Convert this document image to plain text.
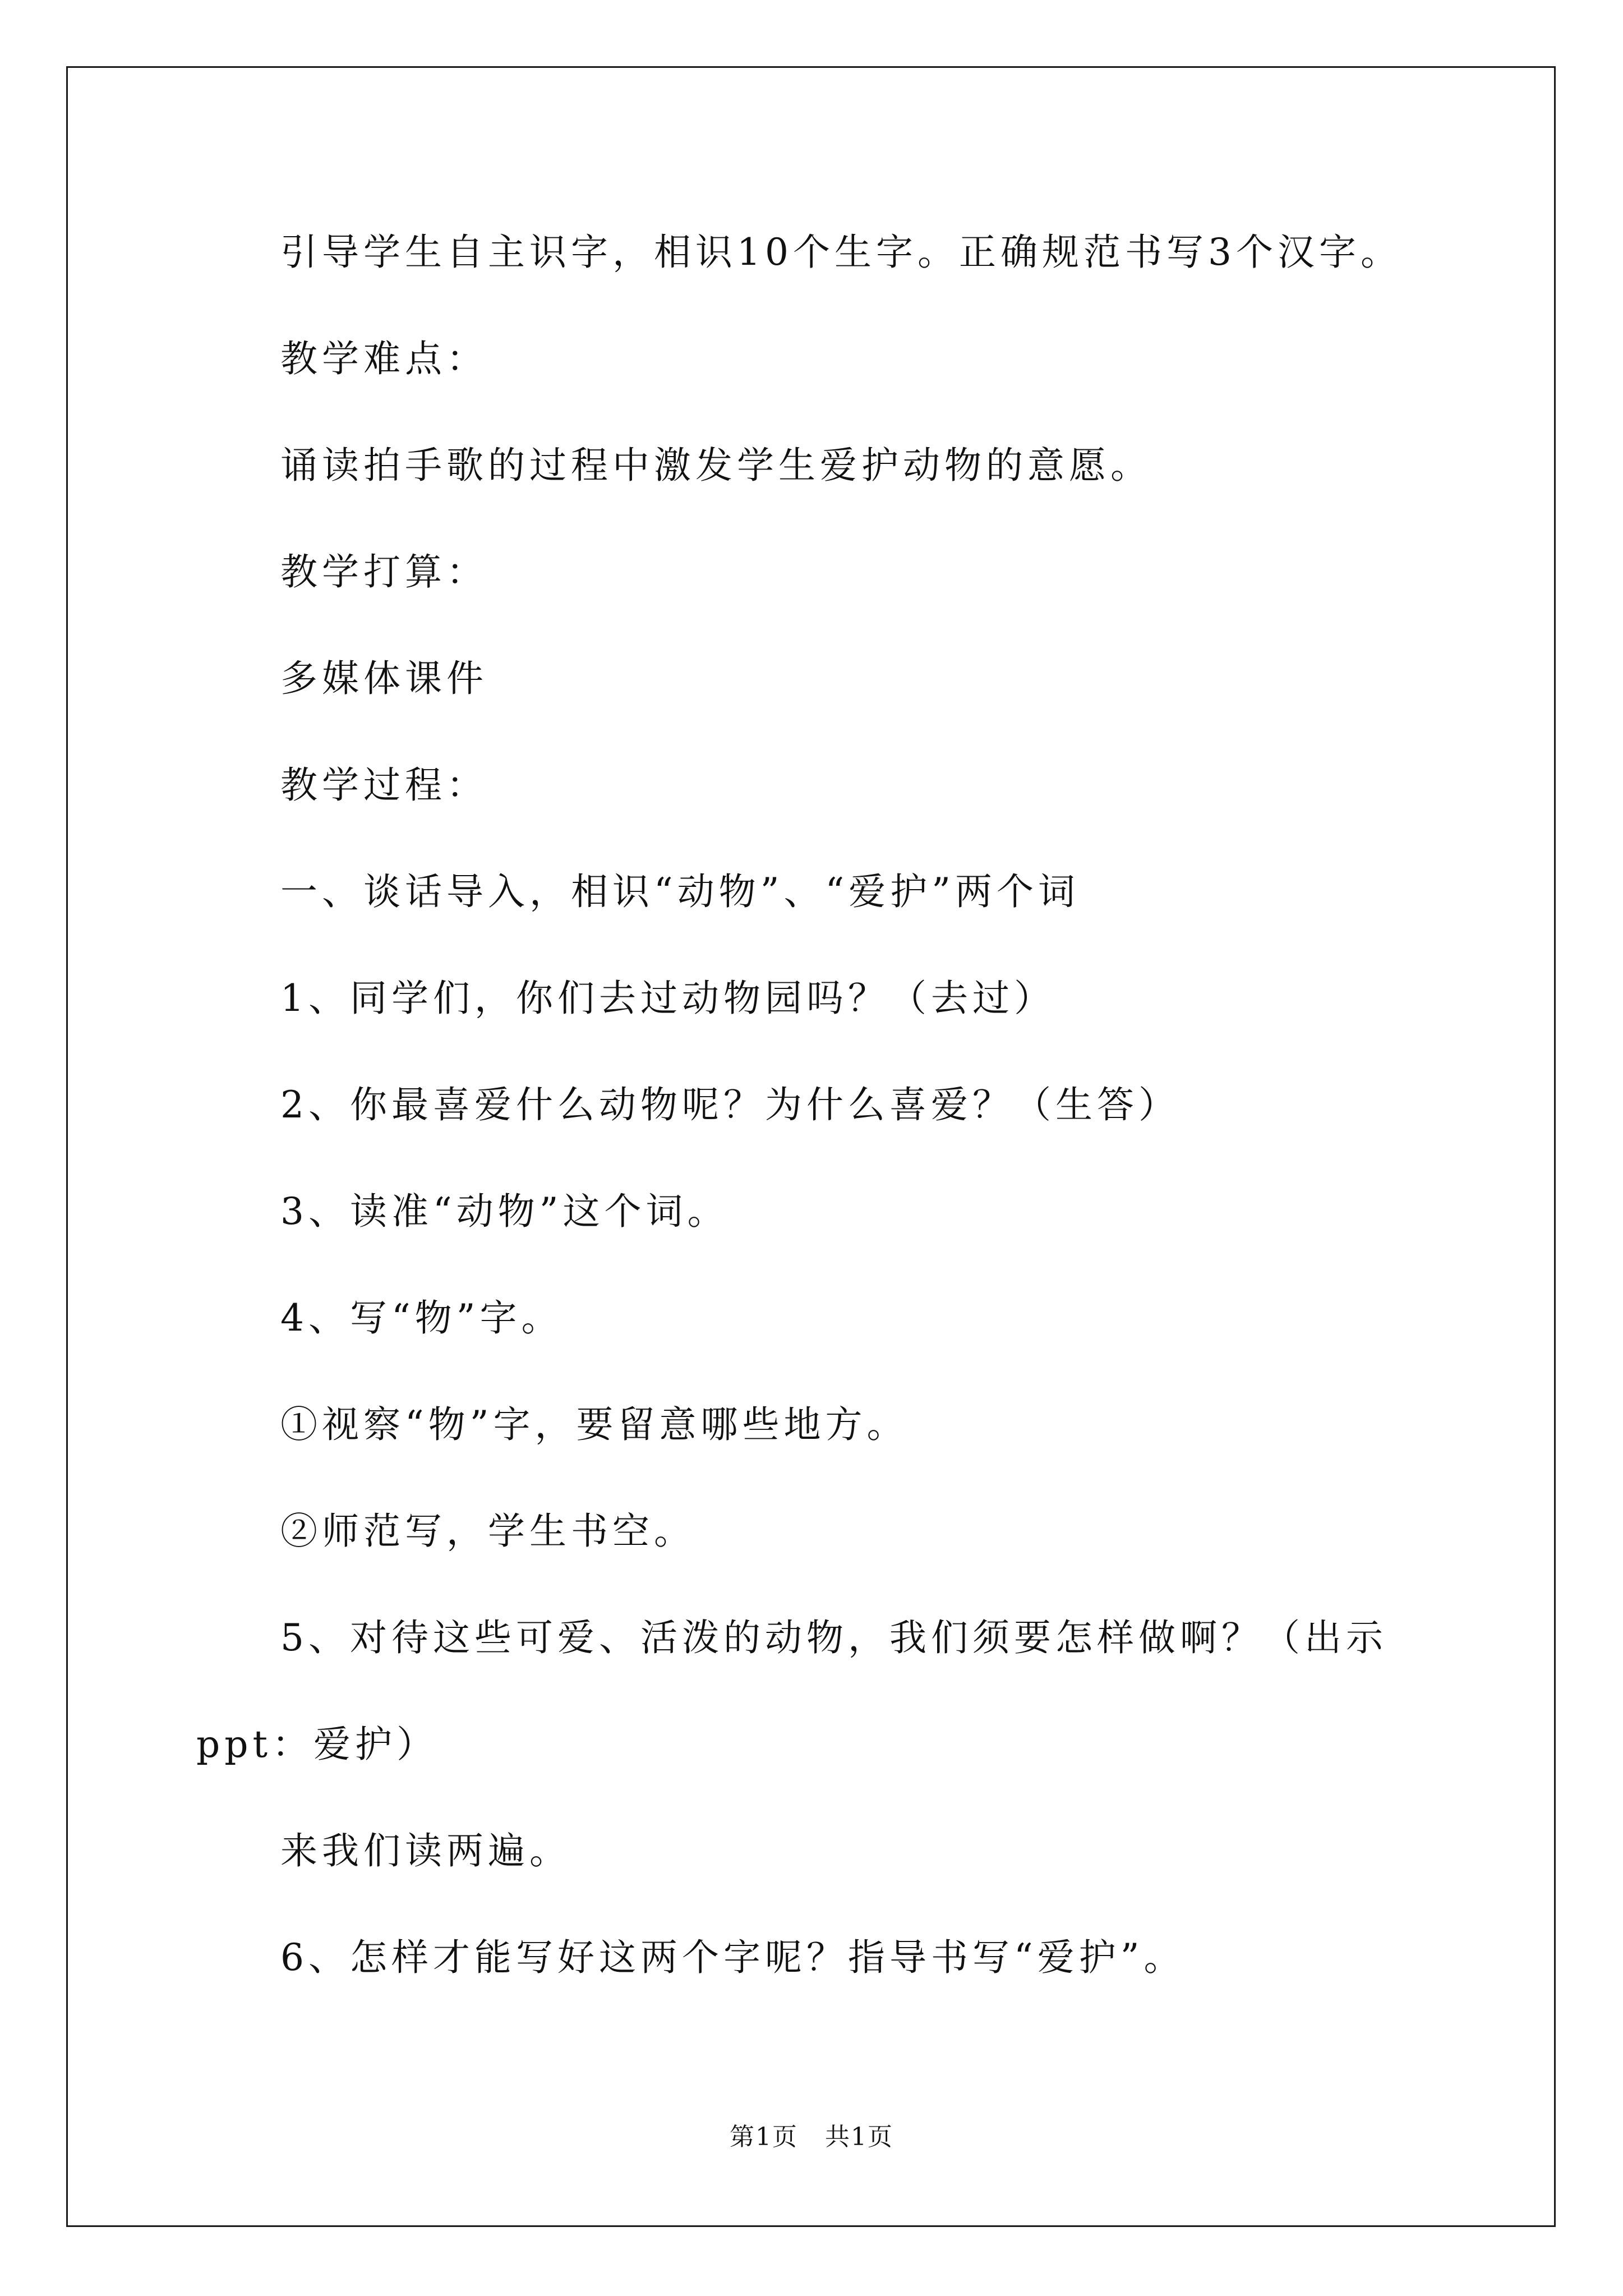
引导学生自主识字，相识10个生字。正确规范书写3个汉字。
教学难点：
诵读拍手歌的过程中激发学生爱护动物的意愿。
教学打算：
多媒体课件
教学过程：
一、谈话导入，相识“动物”、“爱护”两个词
1、同学们，你们去过动物园吗？（去过）
2、你最喜爱什么动物呢？为什么喜爱？（生答）
3、读准“动物”这个词。
4、写“物”字。
①视察“物”字，要留意哪些地方。
②师范写，学生书空。
5、对待这些可爱、活泼的动物，我们须要怎样做啊？（出示
ppt：爱护）
来我们读两遍。
6、怎样才能写好这两个字呢？指导书写“爱护”。
第1页   共1页
